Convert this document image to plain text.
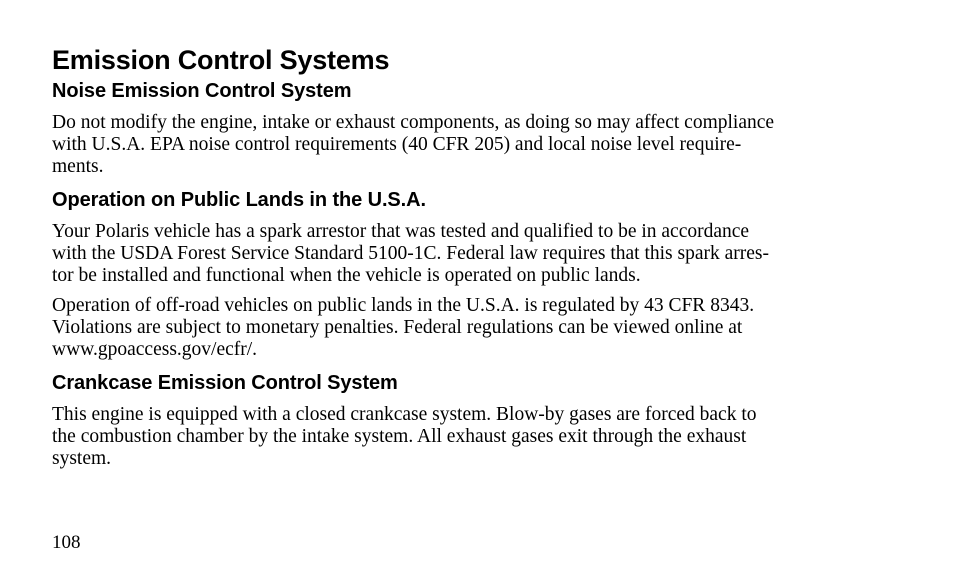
Emission Control Systems
Noise Emission Control System

Do not modify the engine, intake or exhaust components, as doing so may affect compliance
with U.S.A. EPA noise control requirements (40 CFR 205) and local noise level require-
ments.

Operation on Public Lands in the U.S.A.

Your Polaris vehicle has a spark arrestor that was tested and qualified to be in accordance
with the USDA Forest Service Standard 5100-1C. Federal law requires that this spark arres-
tor be installed and functional when the vehicle is operated on public lands.

Operation of off-road vehicles on public lands in the U.S.A. is regulated by 43 CFR 8343.
Violations are subject to monetary penalties. Federal regulations can be viewed online at
www.gpoaccess.gov/ecfr/.

Crankcase Emission Control System

This engine is equipped with a closed crankcase system. Blow-by gases are forced back to
the combustion chamber by the intake system. All exhaust gases exit through the exhaust
system.

108
